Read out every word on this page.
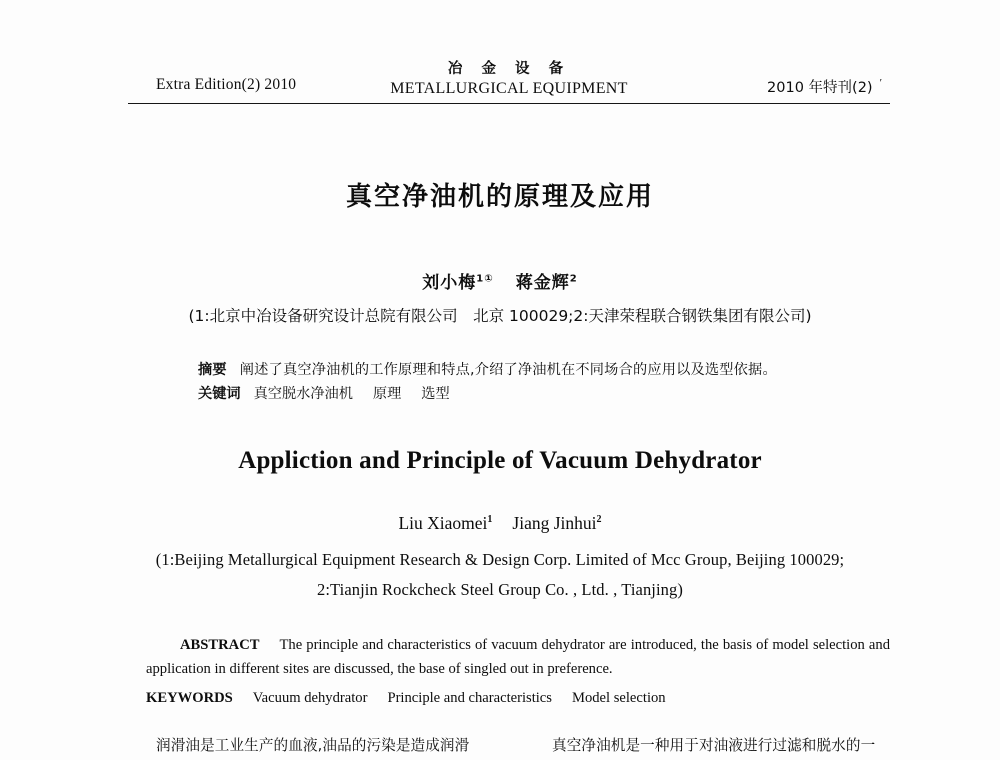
Extra Edition(2) 2010
冶 金 设 备
METALLURGICAL EQUIPMENT	2010 年特刊(2) ′
真空净油机的原理及应用
刘小梅$^{1①}$ 蒋金辉$^2$
(1:北京中冶设备研究设计总院有限公司　北京 100029;2:天津荣程联合钢铁集团有限公司)
摘要 阐述了真空净油机的工作原理和特点,介绍了净油机在不同场合的应用以及选型依据。
关键词 真空脱水净油机 原理 选型
Appliction and Principle of Vacuum Dehydrator
Liu Xiaomei$^1$ Jiang Jinhui$^2$
(1:Beijing Metallurgical Equipment Research & Design Corp. Limited of Mcc Group, Beijing 100029;
2:Tianjin Rockcheck Steel Group Co. , Ltd. , Tianjing)
ABSTRACT The principle and characteristics of vacuum dehydrator are introduced, the basis of model selection and application in different sites are discussed, the base of singled out in preference.
KEYWORDS Vacuum dehydrator Principle and characteristics Model selection
润滑油是工业生产的血液,油品的污染是造成润滑	真空净油机是一种用于对油液进行过滤和脱水的一
